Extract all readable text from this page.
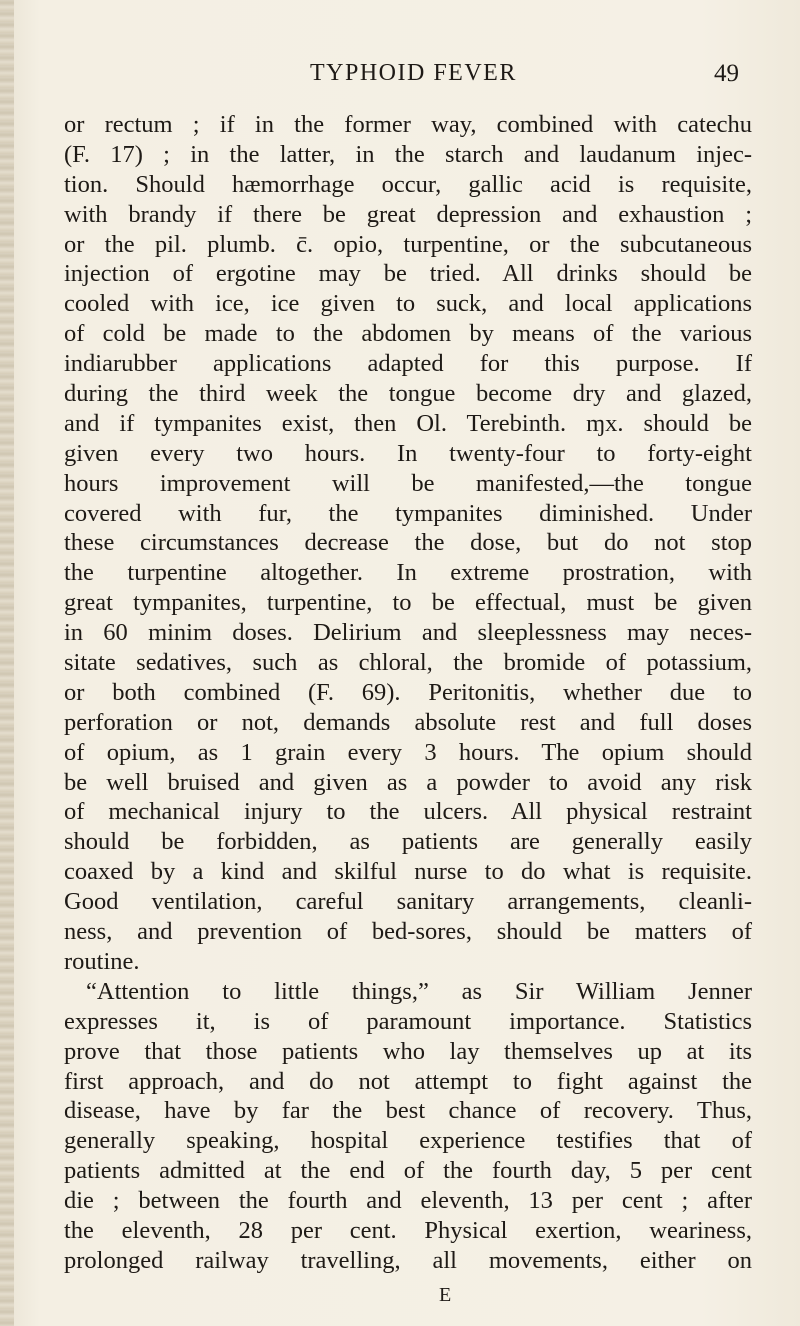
TYPHOID FEVER	49
or rectum ; if in the former way, combined with catechu
(F. 17) ; in the latter, in the starch and laudanum injec-
tion. Should hæmorrhage occur, gallic acid is requisite,
with brandy if there be great depression and exhaustion ;
or the pil. plumb. c̄. opio, turpentine, or the subcutaneous
injection of ergotine may be tried. All drinks should be
cooled with ice, ice given to suck, and local applications
of cold be made to the abdomen by means of the various
indiarubber applications adapted for this purpose. If
during the third week the tongue become dry and glazed,
and if tympanites exist, then Ol. Terebinth. ɱx. should be
given every two hours. In twenty-four to forty-eight
hours improvement will be manifested,—the tongue
covered with fur, the tympanites diminished. Under
these circumstances decrease the dose, but do not stop
the turpentine altogether. In extreme prostration, with
great tympanites, turpentine, to be effectual, must be given
in 60 minim doses. Delirium and sleeplessness may neces-
sitate sedatives, such as chloral, the bromide of potassium,
or both combined (F. 69). Peritonitis, whether due to
perforation or not, demands absolute rest and full doses
of opium, as 1 grain every 3 hours. The opium should
be well bruised and given as a powder to avoid any risk
of mechanical injury to the ulcers. All physical restraint
should be forbidden, as patients are generally easily
coaxed by a kind and skilful nurse to do what is requisite.
Good ventilation, careful sanitary arrangements, cleanli-
ness, and prevention of bed-sores, should be matters of
routine.
“Attention to little things,” as Sir William Jenner
expresses it, is of paramount importance. Statistics
prove that those patients who lay themselves up at its
first approach, and do not attempt to fight against the
disease, have by far the best chance of recovery. Thus,
generally speaking, hospital experience testifies that of
patients admitted at the end of the fourth day, 5 per cent
die ; between the fourth and eleventh, 13 per cent ; after
the eleventh, 28 per cent. Physical exertion, weariness,
prolonged railway travelling, all movements, either on
E
